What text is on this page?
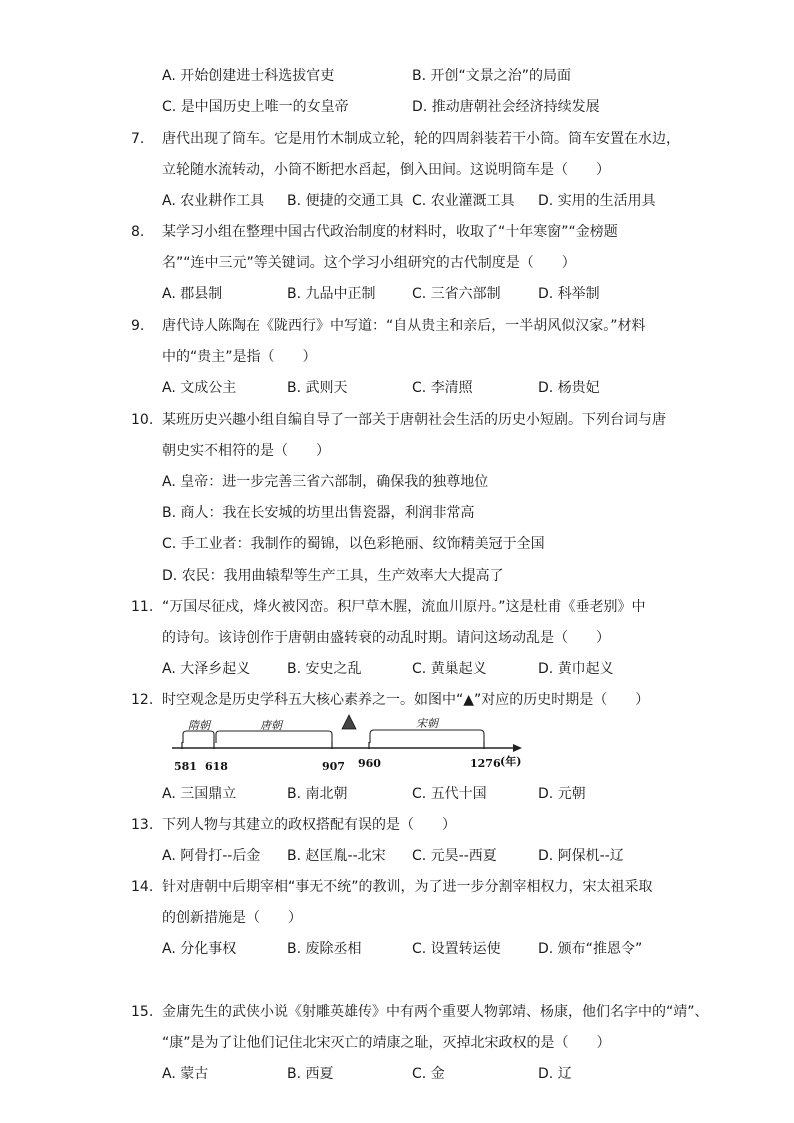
A. 开始创建进士科选拔官吏	B. 开创“文景之治”的局面
C. 是中国历史上唯一的女皇帝	D. 推动唐朝社会经济持续发展
7. 唐代出现了筒车。它是用竹木制成立轮，轮的四周斜装若干小筒。筒车安置在水边，
立轮随水流转动，小筒不断把水舀起，倒入田间。这说明筒车是（　　）
A. 农业耕作工具 B. 便捷的交通工具 C. 农业灌溉工具 D. 实用的生活用具
8. 某学习小组在整理中国古代政治制度的材料时，收取了“十年寒窗”“金榜题
名”“连中三元”等关键词。这个学习小组研究的古代制度是（　　）
A. 郡县制	B. 九品中正制	C. 三省六部制	D. 科举制
9. 唐代诗人陈陶在《陇西行》中写道：“自从贵主和亲后，一半胡风似汉家。”材料
中的“贵主”是指（　　）
A. 文成公主	B. 武则天	C. 李清照	D. 杨贵妃
10. 某班历史兴趣小组自编自导了一部关于唐朝社会生活的历史小短剧。下列台词与唐
朝史实不相符的是（　　）
A. 皇帝：进一步完善三省六部制，确保我的独尊地位
B. 商人：我在长安城的坊里出售瓷器，利润非常高
C. 手工业者：我制作的蜀锦，以色彩艳丽、纹饰精美冠于全国
D. 农民：我用曲辕犁等生产工具，生产效率大大提高了
11. “万国尽征戍，烽火被冈峦。积尸草木腥，流血川原丹。”这是杜甫《垂老别》中
的诗句。该诗创作于唐朝由盛转衰的动乱时期。请问这场动乱是（　　）
A. 大泽乡起义	B. 安史之乱	C. 黄巢起义	D. 黄巾起义
12. 时空观念是历史学科五大核心素养之一。如图中“▲”对应的历史时期是（　　）
隋朝	唐朝	宋朝
581 618	907 960	1276 (年)
A. 三国鼎立	B. 南北朝	C. 五代十国	D. 元朝
13. 下列人物与其建立的政权搭配有误的是（　　）
A. 阿骨打--后金 B. 赵匡胤--北宋 C. 元昊--西夏	D. 阿保机--辽
14. 针对唐朝中后期宰相“事无不统”的教训，为了进一步分割宰相权力，宋太祖采取
的创新措施是（　　）
A. 分化事权	B. 废除丞相	C. 设置转运使	D. 颁布“推恩令”
15. 金庸先生的武侠小说《射雕英雄传》中有两个重要人物郭靖、杨康，他们名字中的“靖”、
“康”是为了让他们记住北宋灭亡的靖康之耻，灭掉北宋政权的是（　　）
A. 蒙古	B. 西夏	C. 金	D. 辽
